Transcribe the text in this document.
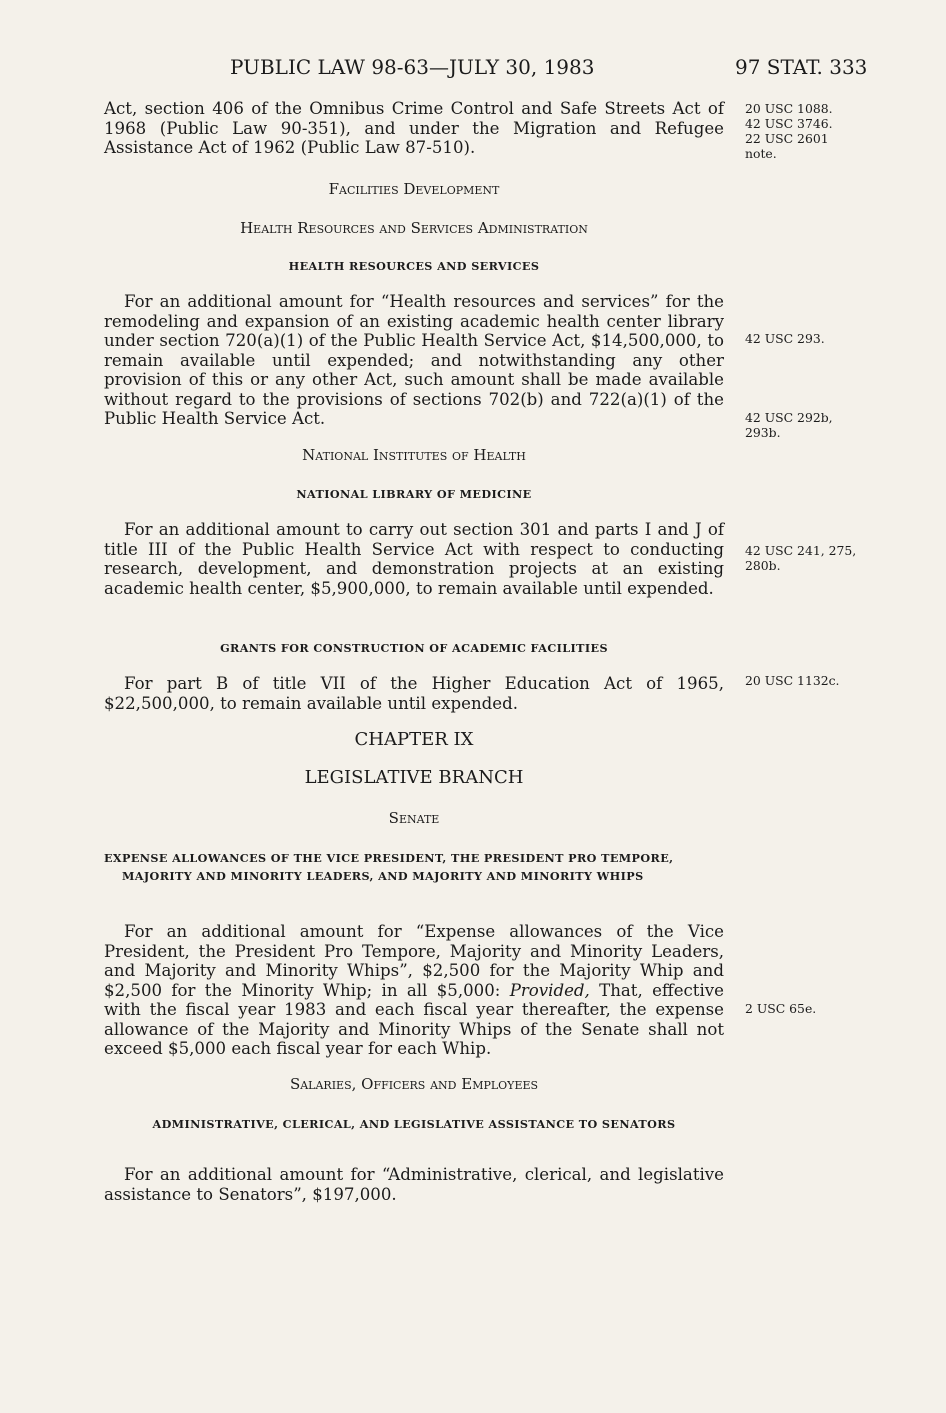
PUBLIC LAW 98-63—JULY 30, 1983	97 STAT. 333

Act, section 406 of the Omnibus Crime Control and Safe Streets Act of 1968 (Public Law 90-351), and under the Migration and Refugee Assistance Act of 1962 (Public Law 87-510).

Facilities Development

Health Resources and Services Administration

HEALTH RESOURCES AND SERVICES

For an additional amount for “Health resources and services” for the remodeling and expansion of an existing academic health center library under section 720(a)(1) of the Public Health Service Act, $14,500,000, to remain available until expended; and notwithstanding any other provision of this or any other Act, such amount shall be made available without regard to the provisions of sections 702(b) and 722(a)(1) of the Public Health Service Act.

National Institutes of Health

NATIONAL LIBRARY OF MEDICINE

For an additional amount to carry out section 301 and parts I and J of title III of the Public Health Service Act with respect to conducting research, development, and demonstration projects at an existing academic health center, $5,900,000, to remain available until expended.

GRANTS FOR CONSTRUCTION OF ACADEMIC FACILITIES

For part B of title VII of the Higher Education Act of 1965, $22,500,000, to remain available until expended.

CHAPTER IX

LEGISLATIVE BRANCH

Senate

EXPENSE ALLOWANCES OF THE VICE PRESIDENT, THE PRESIDENT PRO TEMPORE, MAJORITY AND MINORITY LEADERS, AND MAJORITY AND MINORITY WHIPS

For an additional amount for “Expense allowances of the Vice President, the President Pro Tempore, Majority and Minority Leaders, and Majority and Minority Whips”, $2,500 for the Majority Whip and $2,500 for the Minority Whip; in all $5,000: Provided, That, effective with the fiscal year 1983 and each fiscal year thereafter, the expense allowance of the Majority and Minority Whips of the Senate shall not exceed $5,000 each fiscal year for each Whip.

Salaries, Officers and Employees

ADMINISTRATIVE, CLERICAL, AND LEGISLATIVE ASSISTANCE TO SENATORS

For an additional amount for “Administrative, clerical, and legislative assistance to Senators”, $197,000.

20 USC 1088.
42 USC 3746.
22 USC 2601
note.
42 USC 293.
42 USC 292b,
293b.
42 USC 241, 275,
280b.
20 USC 1132c.
2 USC 65e.
